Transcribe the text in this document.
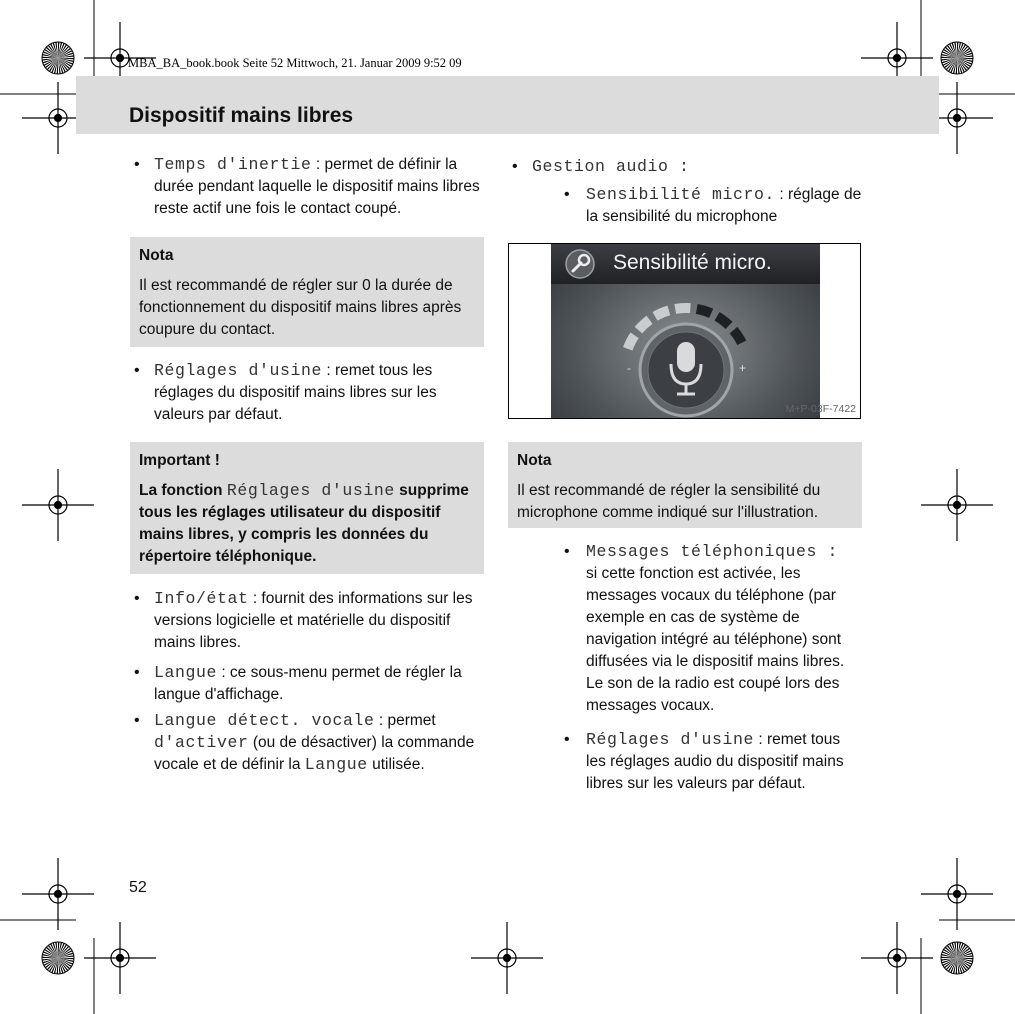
MBA_BA_book.book Seite 52 Mittwoch, 21. Januar 2009 9:52 09
Dispositif mains libres
• Temps d'inertie : permet de définir la durée pendant laquelle le dispositif mains libres reste actif une fois le contact coupé.
Nota
Il est recommandé de régler sur 0 la durée de fonctionnement du dispositif mains libres après coupure du contact.
• Réglages d'usine : remet tous les réglages du dispositif mains libres sur les valeurs par défaut.
Important !
La fonction Réglages d'usine supprime tous les réglages utilisateur du dispositif mains libres, y compris les données du répertoire téléphonique.
• Info/état : fournit des informations sur les versions logicielle et matérielle du dispositif mains libres.
• Langue : ce sous-menu permet de régler la langue d'affichage.
• Langue détect. vocale : permet d'activer (ou de désactiver) la commande vocale et de définir la Langue utilisée.
• Gestion audio :
• Sensibilité micro. : réglage de la sensibilité du microphone
Sensibilité micro.
-	+
M+P-03F-7422
Nota
Il est recommandé de régler la sensibilité du microphone comme indiqué sur l'illustration.
• Messages téléphoniques :
si cette fonction est activée, les messages vocaux du téléphone (par exemple en cas de système de navigation intégré au téléphone) sont diffusées via le dispositif mains libres. Le son de la radio est coupé lors des messages vocaux.
• Réglages d'usine : remet tous les réglages audio du dispositif mains libres sur les valeurs par défaut.
52
